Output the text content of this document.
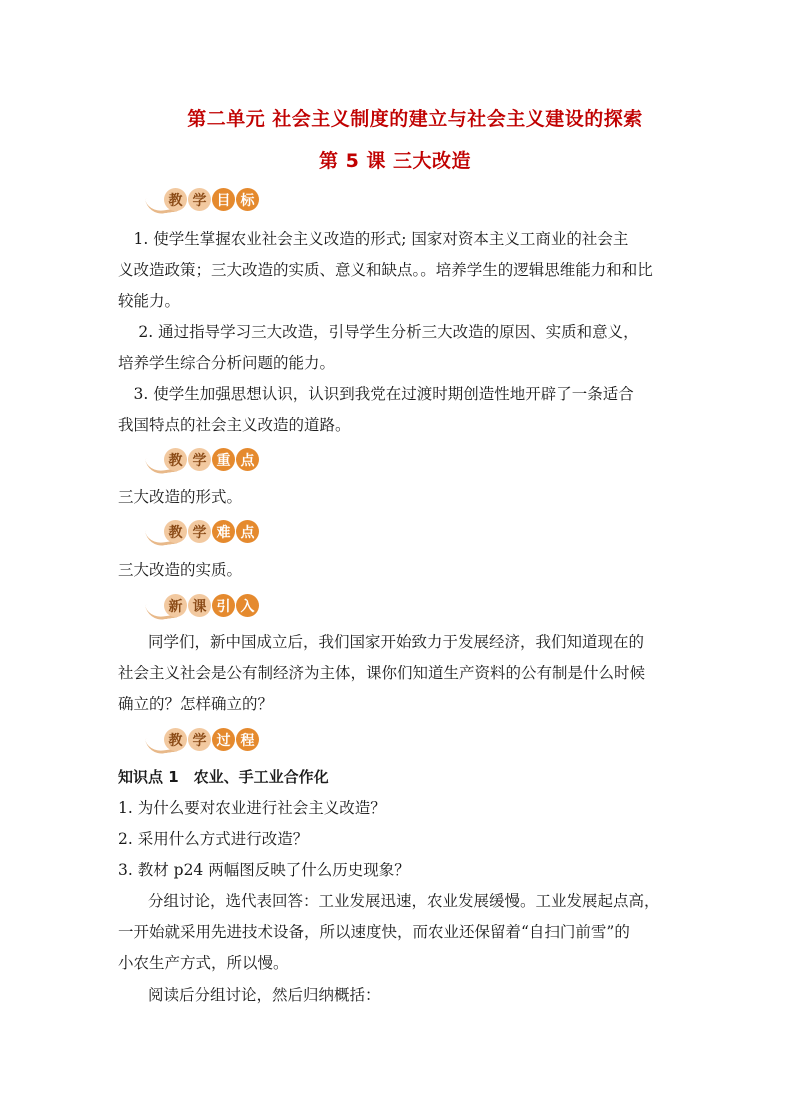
第二单元 社会主义制度的建立与社会主义建设的探索
第 5 课 三大改造
教 学 目 标
　1. 使学生掌握农业社会主义改造的形式; 国家对资本主义工商业的社会主
义改造政策；三大改造的实质、意义和缺点。。培养学生的逻辑思维能力和和比
较能力。
　 2. 通过指导学习三大改造，引导学生分析三大改造的原因、实质和意义，
培养学生综合分析问题的能力。
　3. 使学生加强思想认识，认识到我党在过渡时期创造性地开辟了一条适合
我国特点的社会主义改造的道路。
教 学 重 点
三大改造的形式。
教 学 难 点
三大改造的实质。
新 课 引 入
同学们，新中国成立后，我们国家开始致力于发展经济，我们知道现在的
社会主义社会是公有制经济为主体，课你们知道生产资料的公有制是什么时候
确立的？怎样确立的？
教 学 过 程
知识点 1　农业、手工业合作化
1. 为什么要对农业进行社会主义改造？
2. 采用什么方式进行改造？
3. 教材 p24 两幅图反映了什么历史现象？
分组讨论，选代表回答：工业发展迅速，农业发展缓慢。工业发展起点高，
一开始就采用先进技术设备，所以速度快，而农业还保留着“自扫门前雪”的
小农生产方式，所以慢。
阅读后分组讨论，然后归纳概括：
